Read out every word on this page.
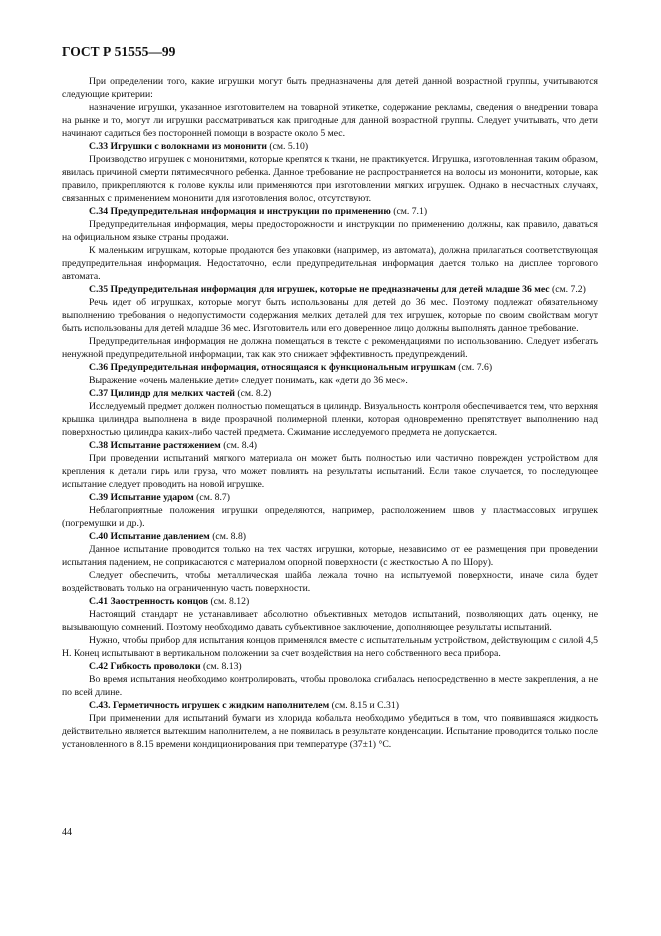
ГОСТ Р 51555—99

При определении того, какие игрушки могут быть предназначены для детей данной возрастной группы, учитываются следующие критерии:

назначение игрушки, указанное изготовителем на товарной этикетке, содержание рекламы, сведения о внедрении товара на рынке и то, могут ли игрушки рассматриваться как пригодные для данной возрастной группы. Следует учитывать, что дети начинают садиться без посторонней помощи в возрасте около 5 мес.

С.33 Игрушки с волокнами из мононити (см. 5.10)

Производство игрушек с мононитями, которые крепятся к ткани, не практикуется. Игрушка, изготовленная таким образом, явилась причиной смерти пятимесячного ребенка. Данное требование не распространяется на волосы из мононити, которые, как правило, прикрепляются к голове куклы или применяются при изготовлении мягких игрушек. Однако в несчастных случаях, связанных с применением мононити для изготовления волос, отсутствуют.

С.34 Предупредительная информация и инструкции по применению (см. 7.1)

Предупредительная информация, меры предосторожности и инструкции по применению должны, как правило, даваться на официальном языке страны продажи.

К маленьким игрушкам, которые продаются без упаковки (например, из автомата), должна прилагаться соответствующая предупредительная информация. Недостаточно, если предупредительная информация дается только на дисплее торгового автомата.

С.35 Предупредительная информация для игрушек, которые не предназначены для детей младше 36 мес (см. 7.2)

Речь идет об игрушках, которые могут быть использованы для детей до 36 мес. Поэтому подлежат обязательному выполнению требования о недопустимости содержания мелких деталей для тех игрушек, которые по своим свойствам могут быть использованы для детей младше 36 мес. Изготовитель или его доверенное лицо должны выполнять данное требование.

Предупредительная информация не должна помещаться в тексте с рекомендациями по использованию. Следует избегать ненужной предупредительной информации, так как это снижает эффективность предупреждений.

С.36 Предупредительная информация, относящаяся к функциональным игрушкам (см. 7.6)

Выражение «очень маленькие дети» следует понимать, как «дети до 36 мес».

С.37 Цилиндр для мелких частей (см. 8.2)

Исследуемый предмет должен полностью помещаться в цилиндр. Визуальность контроля обеспечивается тем, что верхняя крышка цилиндра выполнена в виде прозрачной полимерной пленки, которая одновременно препятствует выполнению над поверхностью цилиндра каких-либо частей предмета. Сжимание исследуемого предмета не допускается.

С.38 Испытание растяжением (см. 8.4)

При проведении испытаний мягкого материала он может быть полностью или частично поврежден устройством для крепления к детали гирь или груза, что может повлиять на результаты испытаний. Если такое случается, то последующее испытание следует проводить на новой игрушке.

С.39 Испытание ударом (см. 8.7)

Неблагоприятные положения игрушки определяются, например, расположением швов у пластмассовых игрушек (погремушки и др.).

С.40 Испытание давлением (см. 8.8)

Данное испытание проводится только на тех частях игрушки, которые, независимо от ее размещения при проведении испытания падением, не соприкасаются с материалом опорной поверхности (с жесткостью А по Шору).

Следует обеспечить, чтобы металлическая шайба лежала точно на испытуемой поверхности, иначе сила будет воздействовать только на ограниченную часть поверхности.

С.41 Заостренность концов (см. 8.12)

Настоящий стандарт не устанавливает абсолютно объективных методов испытаний, позволяющих дать оценку, не вызывающую сомнений. Поэтому необходимо давать субъективное заключение, дополняющее результаты испытаний.

Нужно, чтобы прибор для испытания концов применялся вместе с испытательным устройством, действующим с силой 4,5 Н. Конец испытывают в вертикальном положении за счет воздействия на него собственного веса прибора.

С.42 Гибкость проволоки (см. 8.13)

Во время испытания необходимо контролировать, чтобы проволока сгибалась непосредственно в месте закрепления, а не по всей длине.

С.43. Герметичность игрушек с жидким наполнителем (см. 8.15 и С.31)

При применении для испытаний бумаги из хлорида кобальта необходимо убедиться в том, что появившаяся жидкость действительно является вытекшим наполнителем, а не появилась в результате конденсации. Испытание проводится только после установленного в 8.15 времени кондиционирования при температуре (37±1) °С.

44
